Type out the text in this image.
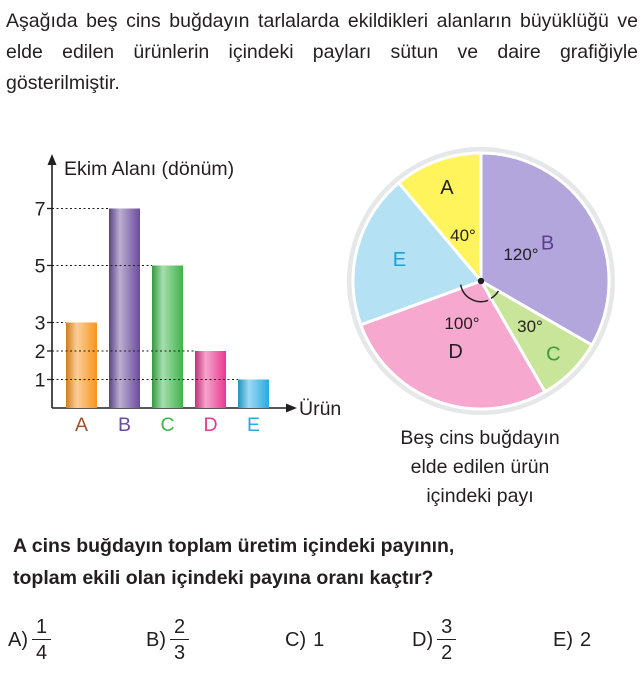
Aşağıda beş cins buğdayın tarlalarda ekildikleri alanların büyüklüğü ve elde edilen ürünlerin içindeki payları sütun ve daire grafiğiyle gösterilmiştir.

Ekim Alanı (dönüm)
Ürün
1
2
3
5
7
A B C D E
A
40°	B
120°
C
30°
D
100°
E
Beş cins buğdayın
elde edilen ürün
içindeki payı

A cins buğdayın toplam üretim içindeki payının,
toplam ekili olan içindeki payına oranı kaçtır?

$A) \frac{1}{4}$	$B) \frac{2}{3}$	C) 1	$D) \frac{3}{2}$	E) 2
